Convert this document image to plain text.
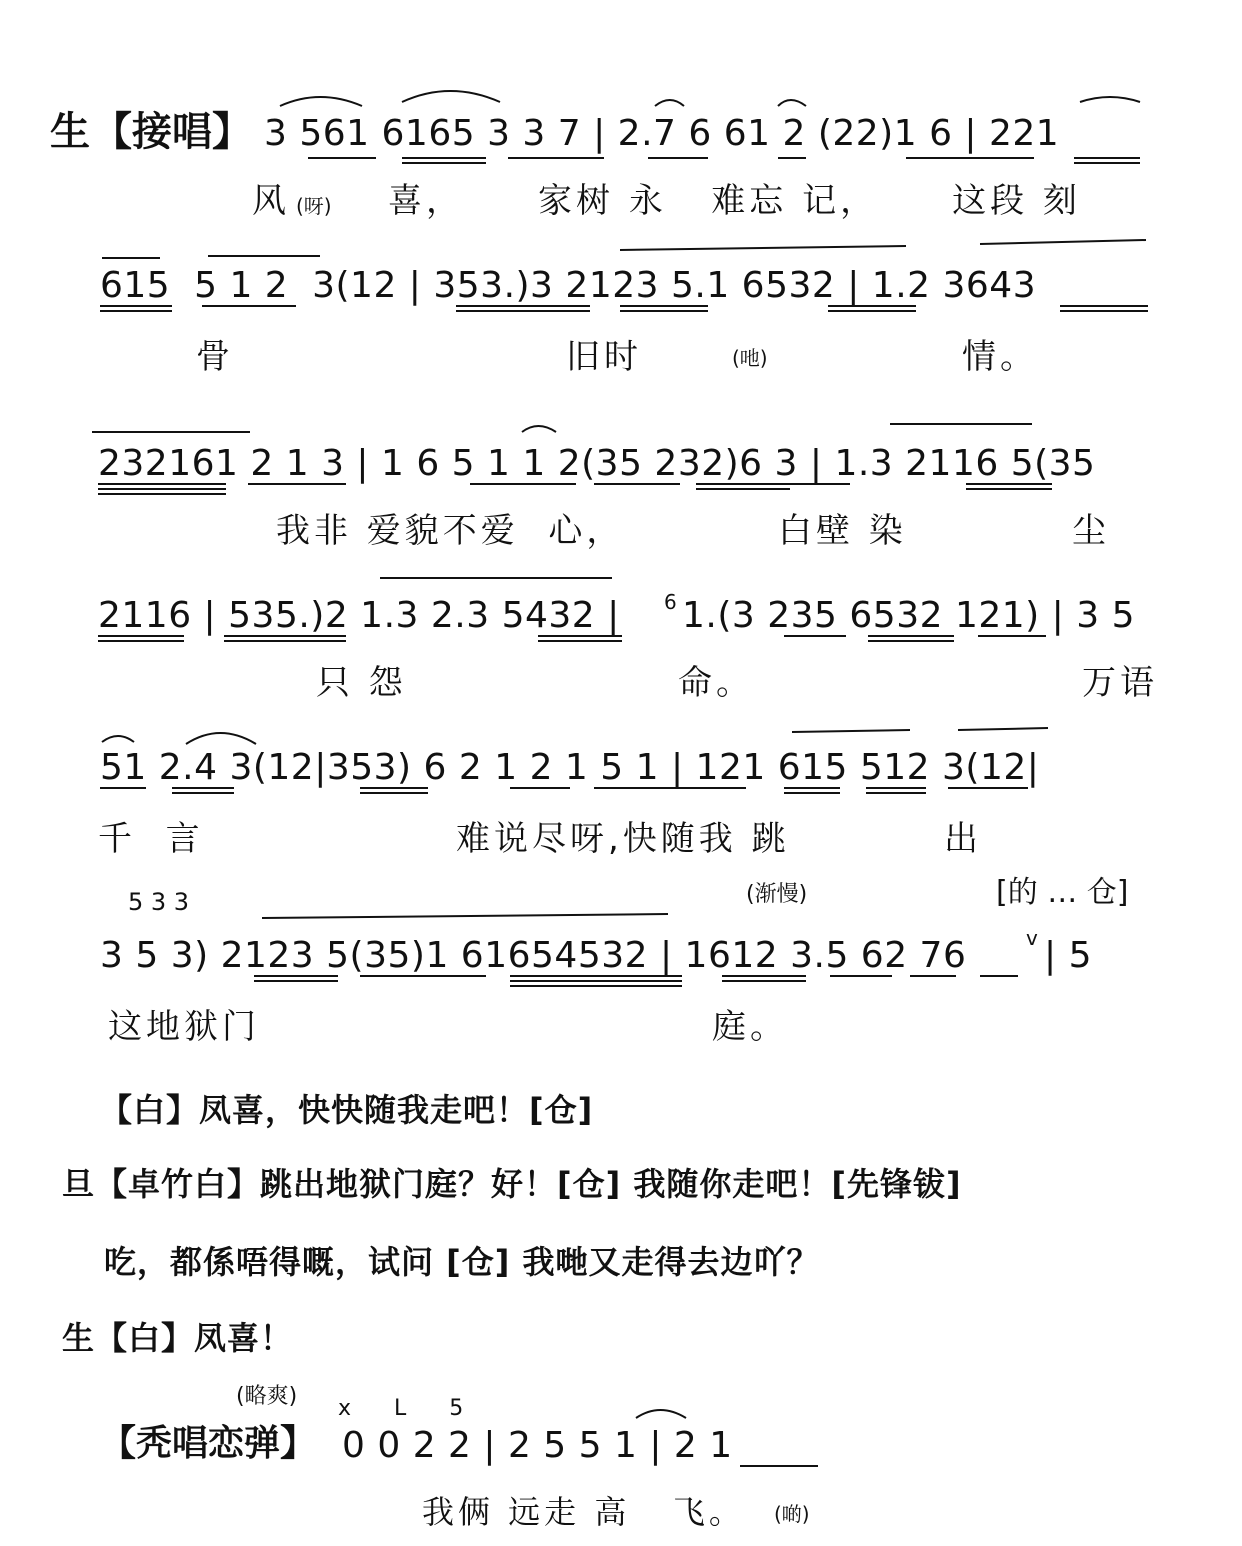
生 【接唱】 3 561 6165 3 3 7 | 2.7 6 61 2 (22)1 6 | 221
风 (呀) 喜，     家树 永   难忘 记，     这段 刻
615  5 1 2  3(12 | 353.)3 2123 5.1 6532 | 1.2 3643
骨	旧时	(吔)	情。
232161 2 1 3 | 1 6 5 1 1 2(35 232)6 3 | 1.3 2116 5(35
我非 爱貌不爱  心，	白壁 染	尘
2116 | 535.)2 1.3 2.3 5432 | 6 1.(3 235 6532 121) | 3 5
只 怨	命。	万语
51 2.4 3(12|353) 6 2 1 2 1 5 1 | 121 615 512 3(12|
千  言	难说尽呀,快随我 跳	出
5 3 3	(渐慢)	[的 … 仓]
3 5 3) 2123 5(35)1 61654532 | 1612 3.5 62 76	v | 5
这地狱门	庭。
【白】凤喜，快快随我走吧！[仓]
旦【卓竹白】跳出地狱门庭？好！[仓] 我随你走吧！[先锋钹]
吃，都係唔得嘅，试问 [仓] 我哋又走得去边吖？
生【白】凤喜！
(略爽) x L 5
【秃唱恋弹】 0 0 2 2 | 2 5 5 1 | 2 1
我俩 远走 高   飞。 (啲)
